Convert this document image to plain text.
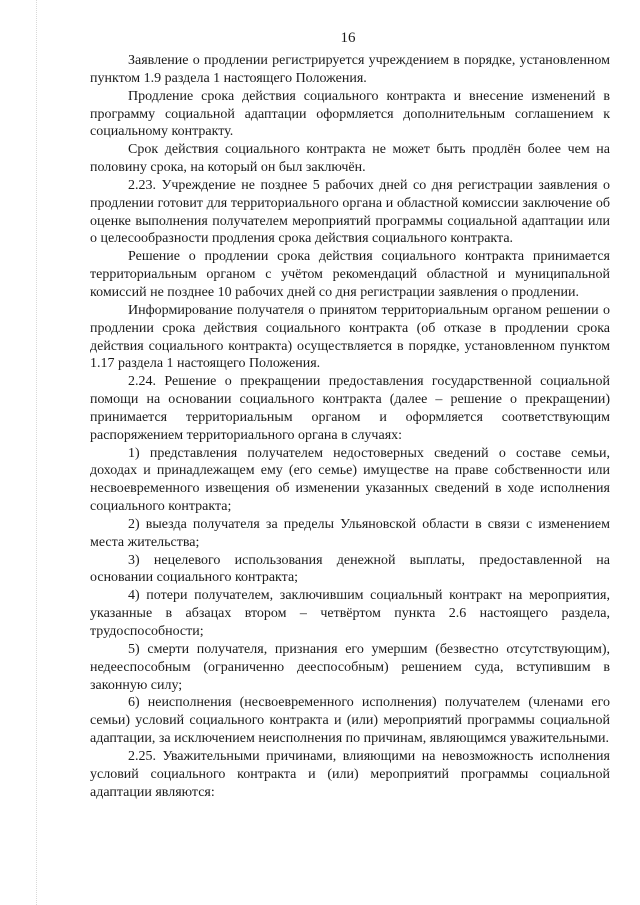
16

Заявление о продлении регистрируется учреждением в порядке, установленном пунктом 1.9 раздела 1 настоящего Положения.

Продление срока действия социального контракта и внесение изменений в программу социальной адаптации оформляется дополнительным соглашением к социальному контракту.

Срок действия социального контракта не может быть продлён более чем на половину срока, на который он был заключён.

2.23. Учреждение не позднее 5 рабочих дней со дня регистрации заявления о продлении готовит для территориального органа и областной комиссии заключение об оценке выполнения получателем мероприятий программы социальной адаптации или о целесообразности продления срока действия социального контракта.

Решение о продлении срока действия социального контракта принимается территориальным органом с учётом рекомендаций областной и муниципальной комиссий не позднее 10 рабочих дней со дня регистрации заявления о продлении.

Информирование получателя о принятом территориальным органом решении о продлении срока действия социального контракта (об отказе в продлении срока действия социального контракта) осуществляется в порядке, установленном пунктом 1.17 раздела 1 настоящего Положения.

2.24. Решение о прекращении предоставления государственной социальной помощи на основании социального контракта (далее – решение о прекращении) принимается территориальным органом и оформляется соответствующим распоряжением территориального органа в случаях:

1) представления получателем недостоверных сведений о составе семьи, доходах и принадлежащем ему (его семье) имуществе на праве собственности или несвоевременного извещения об изменении указанных сведений в ходе исполнения социального контракта;

2) выезда получателя за пределы Ульяновской области в связи с изменением места жительства;

3) нецелевого использования денежной выплаты, предоставленной на основании социального контракта;

4) потери получателем, заключившим социальный контракт на мероприятия, указанные в абзацах втором – четвёртом пункта 2.6 настоящего раздела, трудоспособности;

5) смерти получателя, признания его умершим (безвестно отсутствующим), недееспособным (ограниченно дееспособным) решением суда, вступившим в законную силу;

6) неисполнения (несвоевременного исполнения) получателем (членами его семьи) условий социального контракта и (или) мероприятий программы социальной адаптации, за исключением неисполнения по причинам, являющимся уважительными.

2.25. Уважительными причинами, влияющими на невозможность исполнения условий социального контракта и (или) мероприятий программы социальной адаптации являются:
